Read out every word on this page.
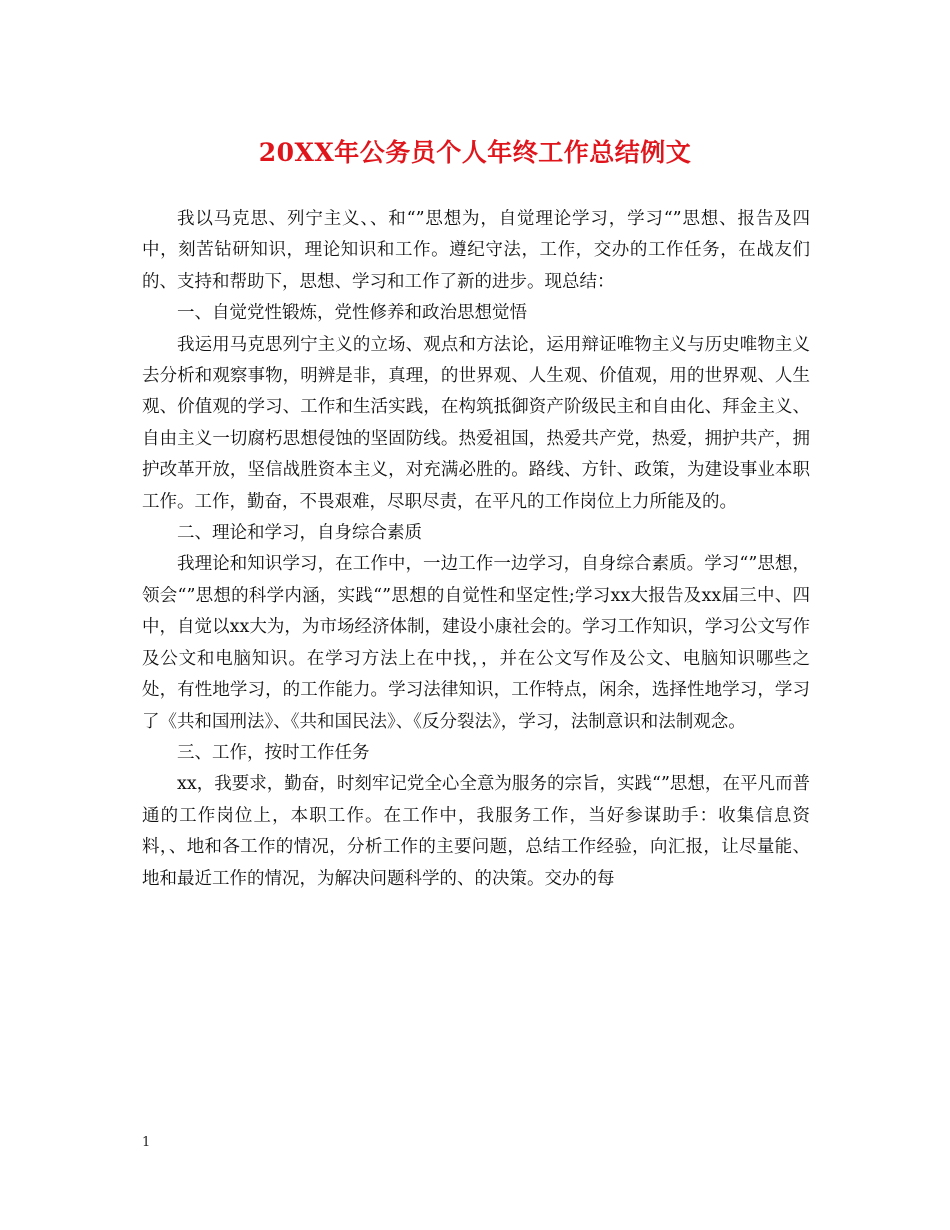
20XX年公务员个人年终工作总结例文

我以马克思、列宁主义、、和“”思想为，自觉理论学习，学习“”思想、报告及四中，刻苦钻研知识，理论知识和工作。遵纪守法，工作，交办的工作任务，在战友们的、支持和帮助下，思想、学习和工作了新的进步。现总结：

一、自觉党性锻炼，党性修养和政治思想觉悟

我运用马克思列宁主义的立场、观点和方法论，运用辩证唯物主义与历史唯物主义去分析和观察事物，明辨是非，真理，的世界观、人生观、价值观，用的世界观、人生观、价值观的学习、工作和生活实践，在构筑抵御资产阶级民主和自由化、拜金主义、自由主义一切腐朽思想侵蚀的坚固防线。热爱祖国，热爱共产党，热爱，拥护共产，拥护改革开放，坚信战胜资本主义，对充满必胜的。路线、方针、政策，为建设事业本职工作。工作，勤奋，不畏艰难，尽职尽责，在平凡的工作岗位上力所能及的。

二、理论和学习，自身综合素质

我理论和知识学习，在工作中，一边工作一边学习，自身综合素质。学习“”思想，领会“”思想的科学内涵，实践“”思想的自觉性和坚定性;学习xx大报告及xx届三中、四中，自觉以xx大为，为市场经济体制，建设小康社会的。学习工作知识，学习公文写作及公文和电脑知识。在学习方法上在中找，，并在公文写作及公文、电脑知识哪些之处，有性地学习，的工作能力。学习法律知识，工作特点，闲余，选择性地学习，学习了《共和国刑法》、《共和国民法》、《反分裂法》，学习，法制意识和法制观念。

三、工作，按时工作任务

xx，我要求，勤奋，时刻牢记党全心全意为服务的宗旨，实践“”思想，在平凡而普通的工作岗位上，本职工作。在工作中，我服务工作，当好参谋助手：收集信息资料，、地和各工作的情况，分析工作的主要问题，总结工作经验，向汇报，让尽量能、地和最近工作的情况，为解决问题科学的、的决策。交办的每

1
